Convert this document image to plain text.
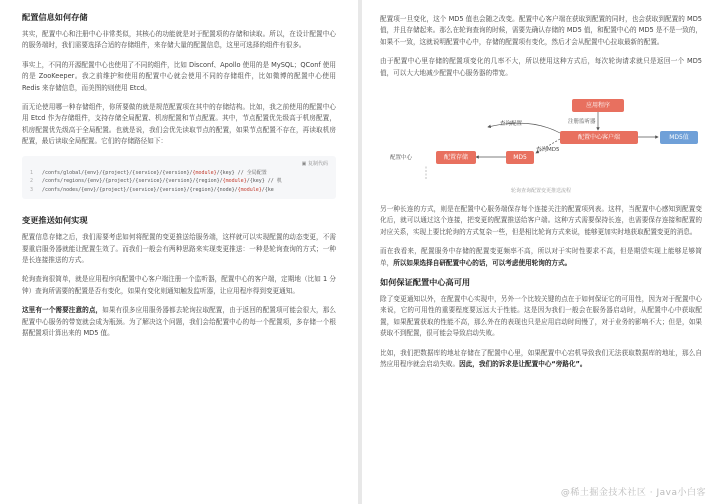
配置信息如何存储

其实，配置中心和注册中心非常类似，其核心的功能就是对于配置项的存储和读取。所以，在设计配置中心的服务端时，我们需要选择合适的存储组件，来存储大量的配置信息，这里可选择的组件有很多。

事实上，不同的开源配置中心也使用了不同的组件，比如 Disconf、Apollo 使用的是 MySQL；QConf 使用的是 ZooKeeper。我之前维护和使用的配置中心就会使用不同的存储组件，比如微博的配置中心使用 Redis 来存储信息，而美图的则使用 Etcd。

而无论使用哪一种存储组件，你所要做的就是规范配置项在其中的存储结构。比如，我之前使用的配置中心用 Etcd 作为存储组件，支持存储全局配置、机房配置和节点配置。其中，节点配置优先级高于机房配置，机房配置优先级高于全局配置。也就是说，我们会优先读取节点的配置，如果节点配置不存在，再读取机房配置，最后读取全局配置。它们的存储路径如下：

▣ 复制代码
1 /confs/global/{env}/{project}/{service}/{version}/{module}/{key} // 全局配置
2 /confs/regions/{env}/{project}/{service}/{version}/{region}/{module}/{key} // 机
3 /confs/nodes/{env}/{project}/{service}/{version}/{region}/{node}/{module}/{ke
变更推送如何实现

配置信息存储之后，我们需要考虑如何将配置的变更推送给服务端，这样就可以实现配置的动态变更，不需要重启服务器就能让配置生效了。而我们一般会有两种思路来实现变更推送：一种是轮询查询的方式；一种是长连接推送的方式。

轮询查询很简单，就是应用程序向配置中心客户端注册一个监听器，配置中心的客户端，定期地（比如 1 分钟）查询所需要的配置是否有变化，如果有变化则通知触发监听器，让应用程序得到变更通知。

这里有一个需要注意的点，如果有很多应用服务器都去轮询拉取配置，由于返回的配置项可能会很大，那么配置中心服务的带宽就会成为瓶颈。为了解决这个问题，我们会给配置中心的每一个配置项，多存储一个根据配置项计算出来的 MD5 值。

配置项一旦变化，这个 MD5 值也会随之改变。配置中心客户端在获取到配置的同时，也会获取到配置的 MD5 值，并且存储起来。那么在轮询查询的时候，需要先确认存储的 MD5 值，和配置中心的 MD5 是不是一致的，如果不一致，这就说明配置中心中，存储的配置项有变化，然后才会从配置中心拉取最新的配置。

由于配置中心里存储的配置项变化的几率不大，所以使用这种方式后，每次轮询请求就只是返回一个 MD5 值，可以大大地减少配置中心服务器的带宽。

应用程序
配置中心客户端	MD5值
MD5
配置存储
注册监听器
查询配置
查询MD5
配置中心
轮询查询配置变更推送流程

另一种长连的方式，则是在配置中心服务端保存每个连接关注的配置项列表。这样，当配置中心感知到配置变化后，就可以通过这个连接，把变更的配置推送给客户端。这种方式需要保持长连，也需要保存连接和配置的对应关系，实现上要比轮询的方式复杂一些，但是相比轮询方式来说，能够更加实时地获取配置变更的消息。

而在我看来，配置服务中存储的配置变更频率不高，所以对于实时性要求不高，但是期望实现上能够足够简单，所以如果选择自研配置中心的话，可以考虑使用轮询的方式。

如何保证配置中心高可用

除了变更通知以外，在配置中心实现中，另外一个比较关键的点在于如何保证它的可用性，因为对于配置中心来说，它的可用性的重要程度要远远大于性能。这是因为我们一般会在服务器启动时，从配置中心中获取配置，如果配置获取的性能不高，那么外在的表现也只是应用启动时间慢了，对于业务的影响不大；但是，如果获取不到配置，很可能会导致启动失败。

比如，我们把数据库的地址存储在了配置中心里，如果配置中心宕机导致我们无法获取数据库的地址，那么自然应用程序就会启动失败。因此，我们的诉求是让配置中心“旁路化”。

@稀土掘金技术社区 · Java小白客
